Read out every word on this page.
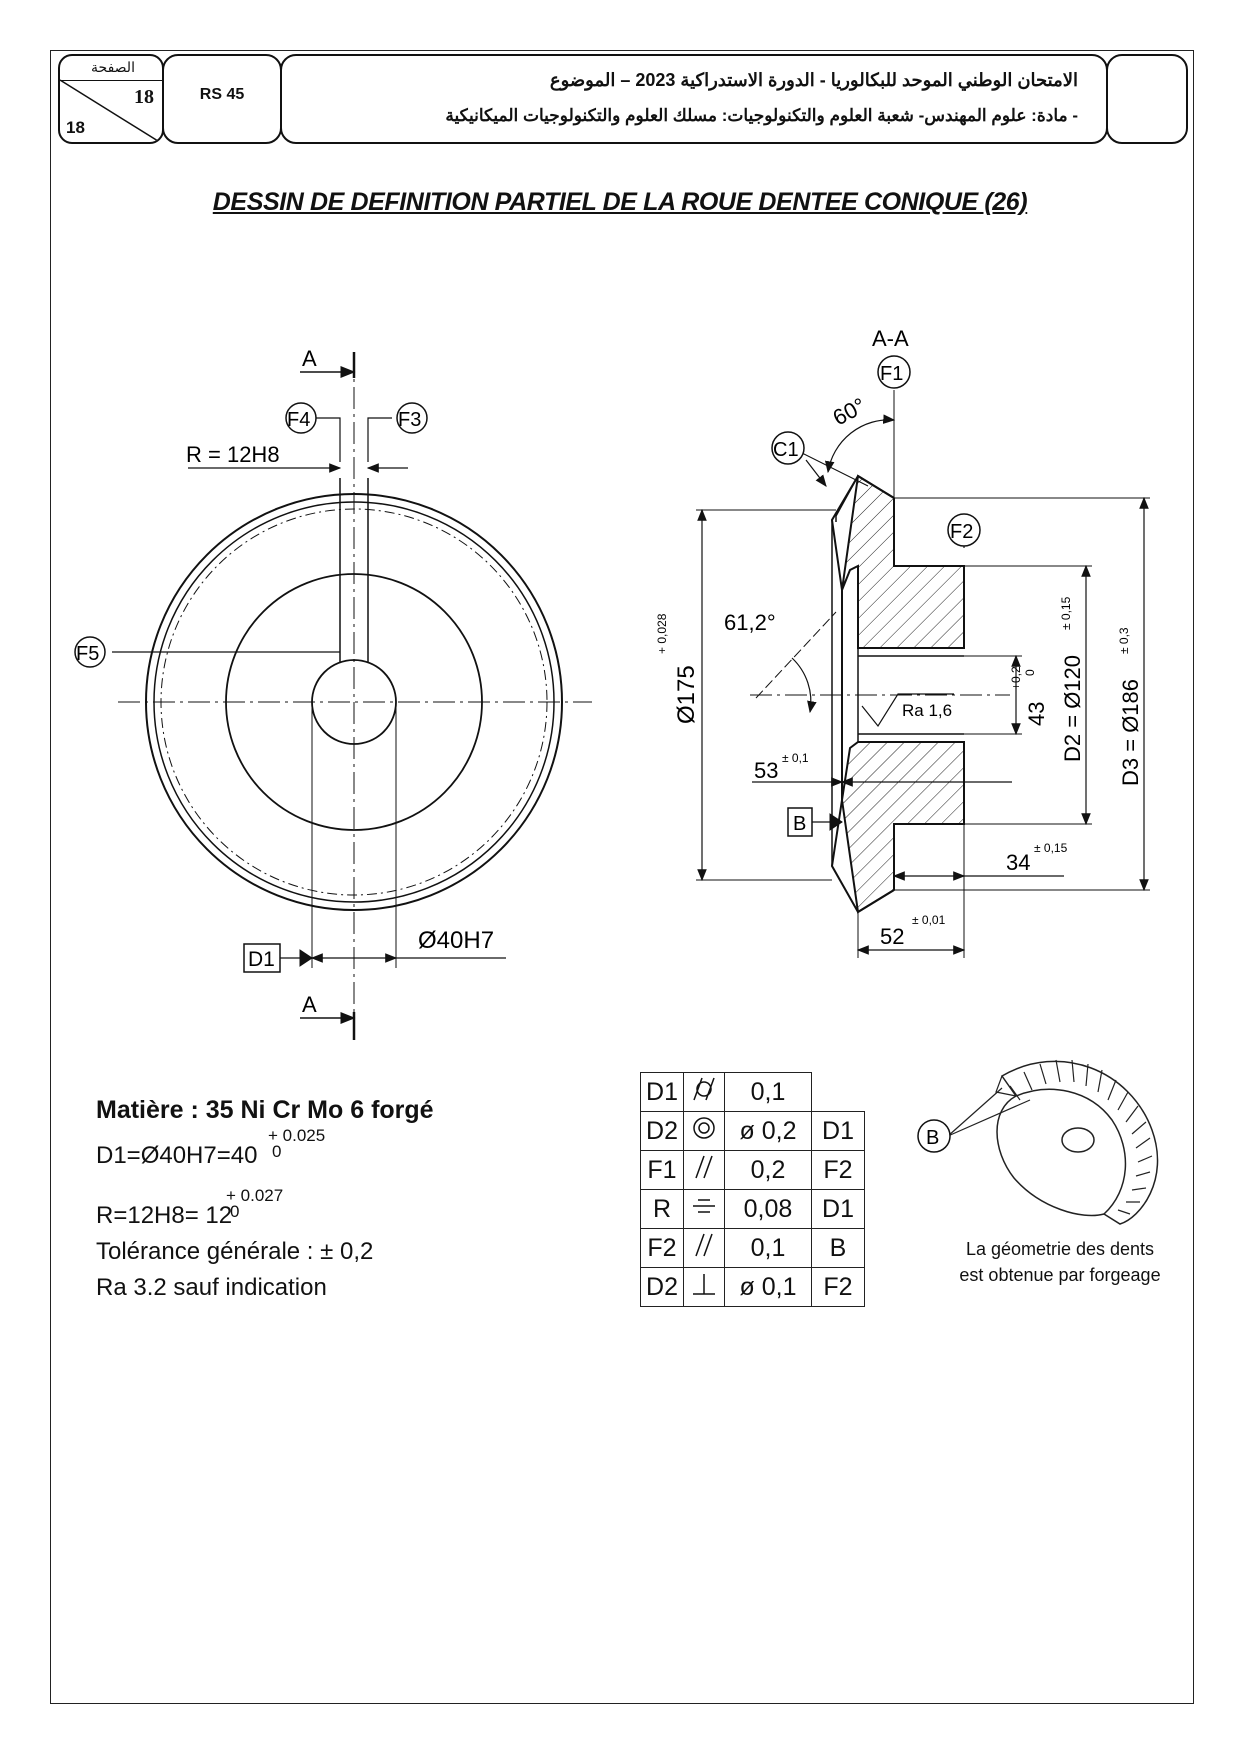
الصفحة
18
18
RS 45
الامتحان الوطني الموحد للبكالوريا - الدورة الاستدراكية 2023 – الموضوع
- مادة: علوم المهندس- شعبة العلوم والتكنولوجيات: مسلك العلوم والتكنولوجيات الميكانيكية
DESSIN DE DEFINITION PARTIEL DE LA ROUE DENTEE CONIQUE (26)
A
A
R = 12H8
F4	F3
F5
D1
Ø40H7
A-A
F1
F2
C1
60°
61,2°
Ø175
+ 0,028
53 ± 0,1
B
Ra 1,6	43
+0,2 0 D2 = Ø120
± 0,15
D3 = Ø186
± 0,3
34
± 0,15
52
± 0,01
B
Matière : 35 Ni Cr Mo 6 forgé
D1=Ø40H7=40
+ 0.025
0
R=12H8= 12
+ 0.027
0
Tolérance générale : ± 0,2
Ra 3.2 sauf indication
D1		0,1	
D2		ø 0,2	D1
F1		0,2	F2
R		0,08	D1
F2		0,1	B
D2		ø 0,1	F2
La géometrie des dents
est obtenue par forgeage
